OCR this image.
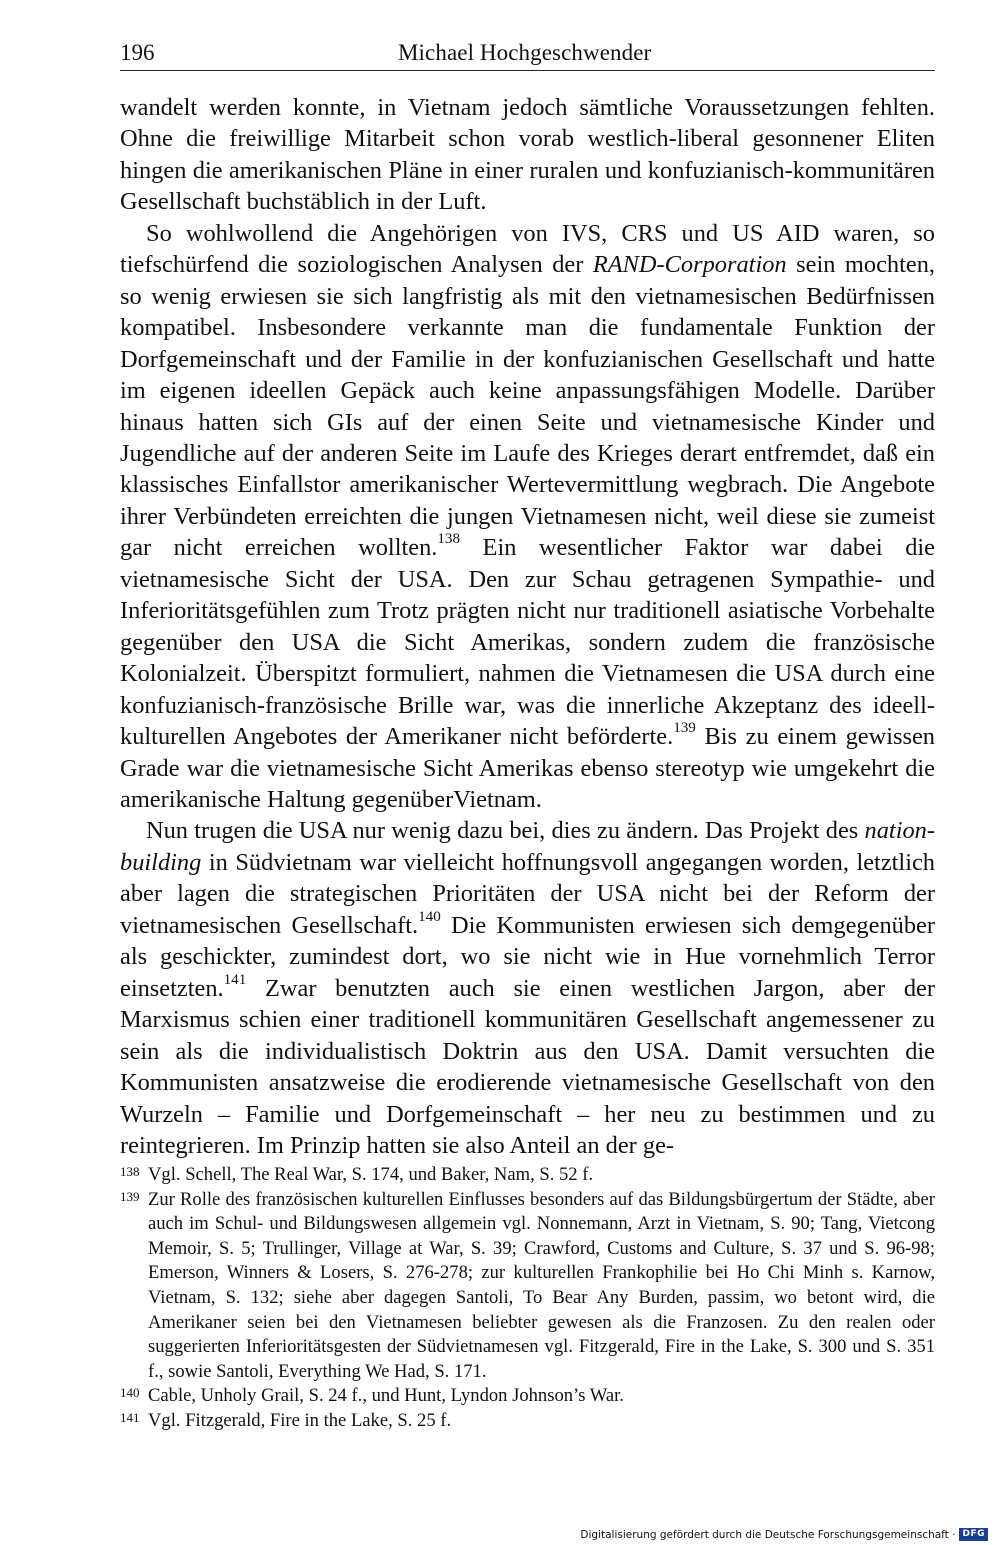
196	Michael Hochgeschwender

wandelt werden konnte, in Vietnam jedoch sämtliche Voraussetzungen fehlten. Ohne die freiwillige Mitarbeit schon vorab westlich-liberal gesonnener Eliten hingen die amerikanischen Pläne in einer ruralen und konfuzianisch-kommunitären Gesellschaft buchstäblich in der Luft.

So wohlwollend die Angehörigen von IVS, CRS und US AID waren, so tiefschürfend die soziologischen Analysen der RAND-Corporation sein mochten, so wenig erwiesen sie sich langfristig als mit den vietnamesischen Bedürfnissen kompatibel. Insbesondere verkannte man die fundamentale Funktion der Dorfgemeinschaft und der Familie in der konfuzianischen Gesellschaft und hatte im eigenen ideellen Gepäck auch keine anpassungsfähigen Modelle. Darüber hinaus hatten sich GIs auf der einen Seite und vietnamesische Kinder und Jugendliche auf der anderen Seite im Laufe des Krieges derart entfremdet, daß ein klassisches Einfallstor amerikanischer Wertevermittlung wegbrach. Die Angebote ihrer Verbündeten erreichten die jungen Vietnamesen nicht, weil diese sie zumeist gar nicht erreichen wollten.$^{138}$ Ein wesentlicher Faktor war dabei die vietnamesische Sicht der USA. Den zur Schau getragenen Sympathie- und Inferioritätsgefühlen zum Trotz prägten nicht nur traditionell asiatische Vorbehalte gegenüber den USA die Sicht Amerikas, sondern zudem die französische Kolonialzeit. Überspitzt formuliert, nahmen die Vietnamesen die USA durch eine konfuzianisch-französische Brille war, was die innerliche Akzeptanz des ideell-kulturellen Angebotes der Amerikaner nicht beförderte.$^{139}$ Bis zu einem gewissen Grade war die vietnamesische Sicht Amerikas ebenso stereotyp wie umgekehrt die amerikanische Haltung gegenüberVietnam.

Nun trugen die USA nur wenig dazu bei, dies zu ändern. Das Projekt des nation-building in Südvietnam war vielleicht hoffnungsvoll angegangen worden, letztlich aber lagen die strategischen Prioritäten der USA nicht bei der Reform der vietnamesischen Gesellschaft.$^{140}$ Die Kommunisten erwiesen sich demgegenüber als geschickter, zumindest dort, wo sie nicht wie in Hue vornehmlich Terror einsetzten.$^{141}$ Zwar benutzten auch sie einen westlichen Jargon, aber der Marxismus schien einer traditionell kommunitären Gesellschaft angemessener zu sein als die individualistisch Doktrin aus den USA. Damit versuchten die Kommunisten ansatzweise die erodierende vietnamesische Gesellschaft von den Wurzeln – Familie und Dorfgemeinschaft – her neu zu bestimmen und zu reintegrieren. Im Prinzip hatten sie also Anteil an der ge-

138 Vgl. Schell, The Real War, S. 174, und Baker, Nam, S. 52 f.
139 Zur Rolle des französischen kulturellen Einflusses besonders auf das Bildungsbürgertum der Städte, aber auch im Schul- und Bildungswesen allgemein vgl. Nonnemann, Arzt in Vietnam, S. 90; Tang, Vietcong Memoir, S. 5; Trullinger, Village at War, S. 39; Crawford, Customs and Culture, S. 37 und S. 96-98; Emerson, Winners & Losers, S. 276-278; zur kulturellen Frankophilie bei Ho Chi Minh s. Karnow, Vietnam, S. 132; siehe aber dagegen Santoli, To Bear Any Burden, passim, wo betont wird, die Amerikaner seien bei den Vietnamesen beliebter gewesen als die Franzosen. Zu den realen oder suggerierten Inferioritätsgesten der Südvietnamesen vgl. Fitzgerald, Fire in the Lake, S. 300 und S. 351 f., sowie Santoli, Everything We Had, S. 171.
140 Cable, Unholy Grail, S. 24 f., und Hunt, Lyndon Johnson’s War.
141 Vgl. Fitzgerald, Fire in the Lake, S. 25 f.
Digitalisierung gefördert durch die Deutsche Forschungsgemeinschaft · DFG
